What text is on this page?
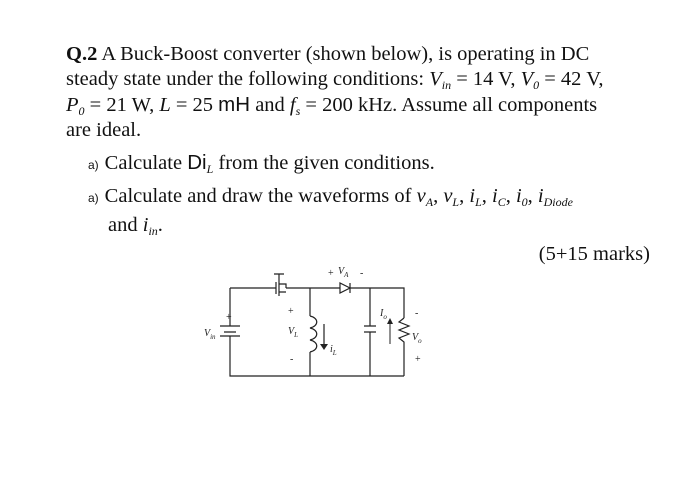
Q.2 A Buck-Boost converter (shown below), is operating in DC
steady state under the following conditions: $V_{in} = 14$ V, $V_0 = 42$ V,
$P_0 = 21$ W, L = 25 mH and $f_s = 200$ kHz. Assume all components
are ideal.
a) Calculate $Di_L$ from the given conditions.
a) Calculate and draw the waveforms of $v_A$, $v_L$, $i_L$, $i_C$, $i_0$, $i_{Diode}$
and $i_{in}$.
(5+15 marks)
$V_{in}$
+
+
$V_L$
-
$i_L$
+ $V_A$ -
$I_o$
$V_o$
-
+
